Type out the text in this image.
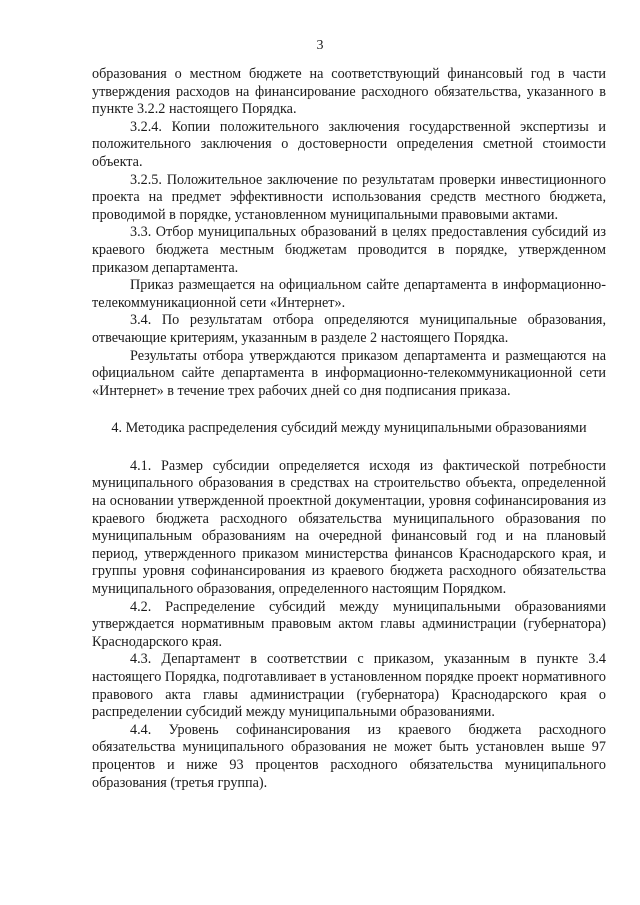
3

образования о местном бюджете на соответствующий финансовый год в части утверждения расходов на финансирование расходного обязательства, указанного в пункте 3.2.2 настоящего Порядка.

3.2.4. Копии положительного заключения государственной экспертизы и положительного заключения о достоверности определения сметной стоимости объекта.

3.2.5. Положительное заключение по результатам проверки инвестиционного проекта на предмет эффективности использования средств местного бюджета, проводимой в порядке, установленном муниципальными правовыми актами.

3.3. Отбор муниципальных образований в целях предоставления субсидий из краевого бюджета местным бюджетам проводится в порядке, утвержденном приказом департамента.

Приказ размещается на официальном сайте департамента в информационно-телекоммуникационной сети «Интернет».

3.4. По результатам отбора определяются муниципальные образования, отвечающие критериям, указанным в разделе 2 настоящего Порядка.

Результаты отбора утверждаются приказом департамента и размещаются на официальном сайте департамента в информационно-телекоммуникационной сети «Интернет» в течение трех рабочих дней со дня подписания приказа.

4. Методика распределения субсидий между муниципальными образованиями

4.1. Размер субсидии определяется исходя из фактической потребности муниципального образования в средствах на строительство объекта, определенной на основании утвержденной проектной документации, уровня софинансирования из краевого бюджета расходного обязательства муниципального образования по муниципальным образованиям на очередной финансовый год и на плановый период, утвержденного приказом министерства финансов Краснодарского края, и группы уровня софинансирования из краевого бюджета расходного обязательства муниципального образования, определенного настоящим Порядком.

4.2. Распределение субсидий между муниципальными образованиями утверждается нормативным правовым актом главы администрации (губернатора) Краснодарского края.

4.3. Департамент в соответствии с приказом, указанным в пункте 3.4 настоящего Порядка, подготавливает в установленном порядке проект нормативного правового акта главы администрации (губернатора) Краснодарского края о распределении субсидий между муниципальными образованиями.

4.4. Уровень софинансирования из краевого бюджета расходного обязательства муниципального образования не может быть установлен выше 97 процентов и ниже 93 процентов расходного обязательства муниципального образования (третья группа).
